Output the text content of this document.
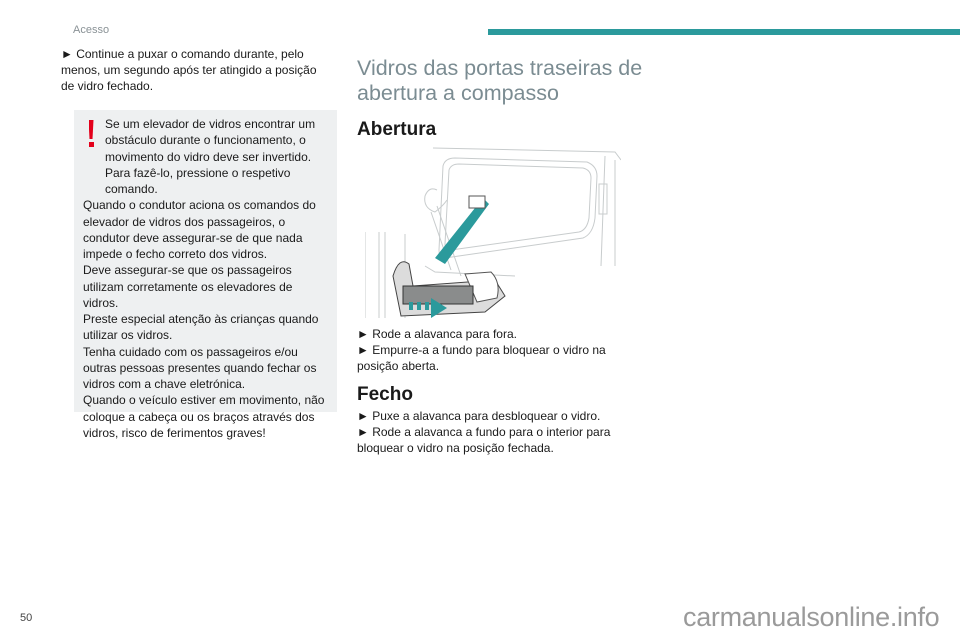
Acesso

► Continue a puxar o comando durante, pelo menos, um segundo após ter atingido a posição de vidro fechado.

Se um elevador de vidros encontrar um obstáculo durante o funcionamento, o movimento do vidro deve ser invertido. Para fazê-lo, pressione o respetivo comando.
Quando o condutor aciona os comandos do elevador de vidros dos passageiros, o condutor deve assegurar-se de que nada impede o fecho correto dos vidros.
Deve assegurar-se que os passageiros utilizam corretamente os elevadores de vidros.
Preste especial atenção às crianças quando utilizar os vidros.
Tenha cuidado com os passageiros e/ou outras pessoas presentes quando fechar os vidros com a chave eletrónica.
Quando o veículo estiver em movimento, não coloque a cabeça ou os braços através dos vidros, risco de ferimentos graves!
Vidros das portas traseiras de abertura a compasso
Abertura

► Rode a alavanca para fora.

► Empurre-a a fundo para bloquear o vidro na posição aberta.

Fecho

► Puxe a alavanca para desbloquear o vidro.

► Rode a alavanca a fundo para o interior para bloquear o vidro na posição fechada.

50	carmanualsonline.info
